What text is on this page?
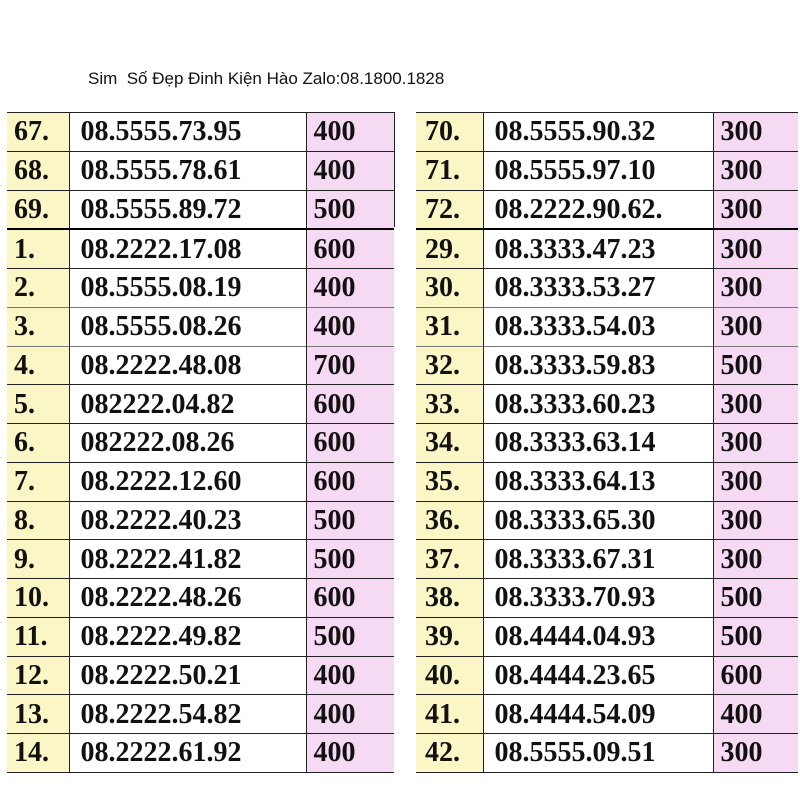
Sim  Số Đẹp Đinh Kiện Hào Zalo:08.1800.1828
67.	08.5555.73.95	400
68.	08.5555.78.61	400
69.	08.5555.89.72	500
1.	08.2222.17.08	600
2.	08.5555.08.19	400
3.	08.5555.08.26	400
4.	08.2222.48.08	700
5.	082222.04.82	600
6.	082222.08.26	600
7.	08.2222.12.60	600
8.	08.2222.40.23	500
9.	08.2222.41.82	500
10.	08.2222.48.26	600
11.	08.2222.49.82	500
12.	08.2222.50.21	400
13.	08.2222.54.82	400
14.	08.2222.61.92	400
70.	08.5555.90.32	300
71.	08.5555.97.10	300
72.	08.2222.90.62.	300
29.	08.3333.47.23	300
30.	08.3333.53.27	300
31.	08.3333.54.03	300
32.	08.3333.59.83	500
33.	08.3333.60.23	300
34.	08.3333.63.14	300
35.	08.3333.64.13	300
36.	08.3333.65.30	300
37.	08.3333.67.31	300
38.	08.3333.70.93	500
39.	08.4444.04.93	500
40.	08.4444.23.65	600
41.	08.4444.54.09	400
42.	08.5555.09.51	300
